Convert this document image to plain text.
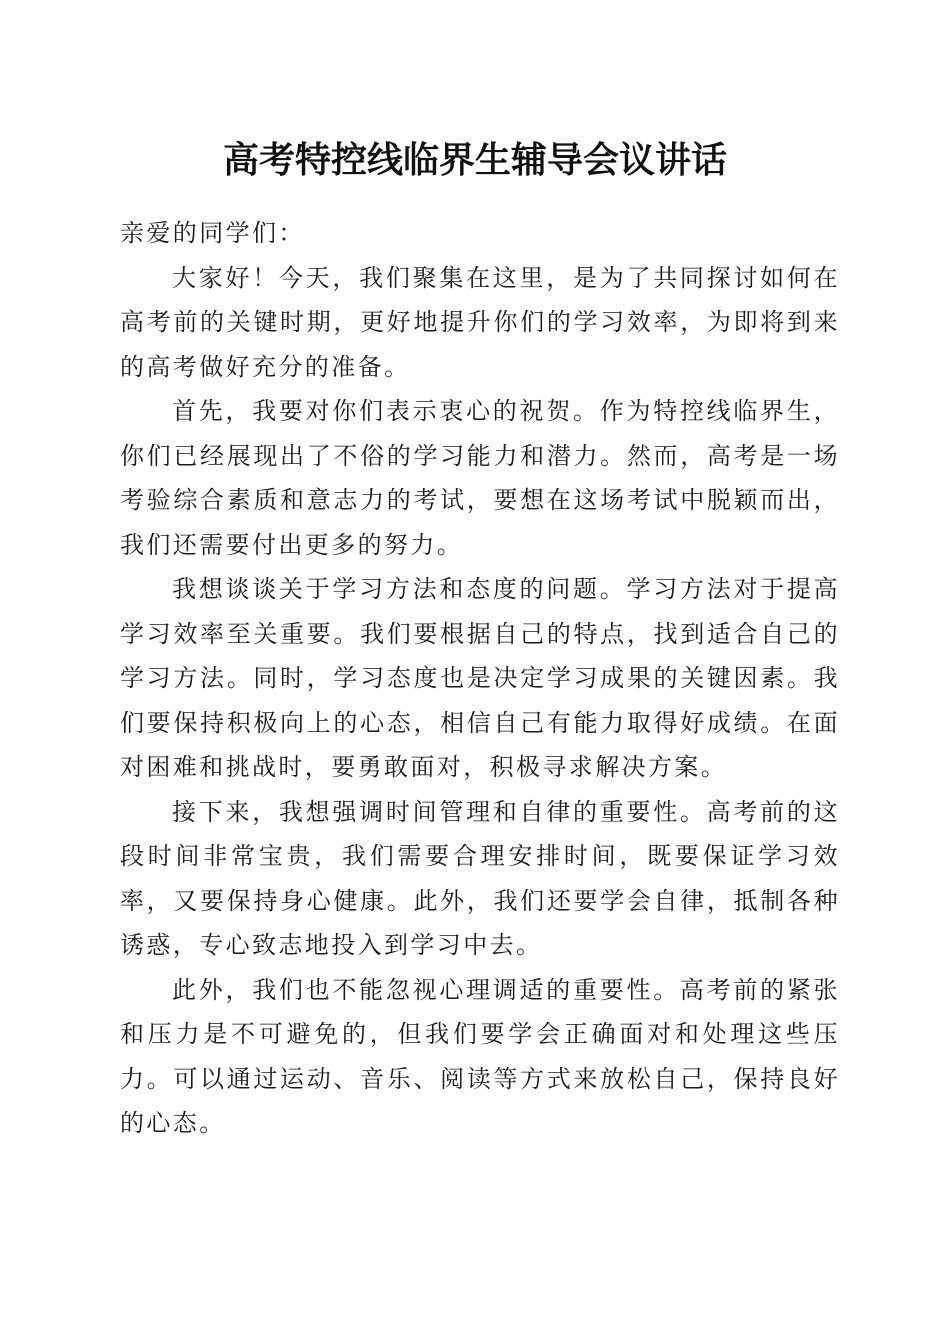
高考特控线临界生辅导会议讲话

亲爱的同学们：

大家好！今天，我们聚集在这里，是为了共同探讨如何在高考前的关键时期，更好地提升你们的学习效率，为即将到来的高考做好充分的准备。

首先，我要对你们表示衷心的祝贺。作为特控线临界生，你们已经展现出了不俗的学习能力和潜力。然而，高考是一场考验综合素质和意志力的考试，要想在这场考试中脱颖而出，我们还需要付出更多的努力。

我想谈谈关于学习方法和态度的问题。学习方法对于提高学习效率至关重要。我们要根据自己的特点，找到适合自己的学习方法。同时，学习态度也是决定学习成果的关键因素。我们要保持积极向上的心态，相信自己有能力取得好成绩。在面对困难和挑战时，要勇敢面对，积极寻求解决方案。

接下来，我想强调时间管理和自律的重要性。高考前的这段时间非常宝贵，我们需要合理安排时间，既要保证学习效率，又要保持身心健康。此外，我们还要学会自律，抵制各种诱惑，专心致志地投入到学习中去。

此外，我们也不能忽视心理调适的重要性。高考前的紧张和压力是不可避免的，但我们要学会正确面对和处理这些压力。可以通过运动、音乐、阅读等方式来放松自己，保持良好的心态。
